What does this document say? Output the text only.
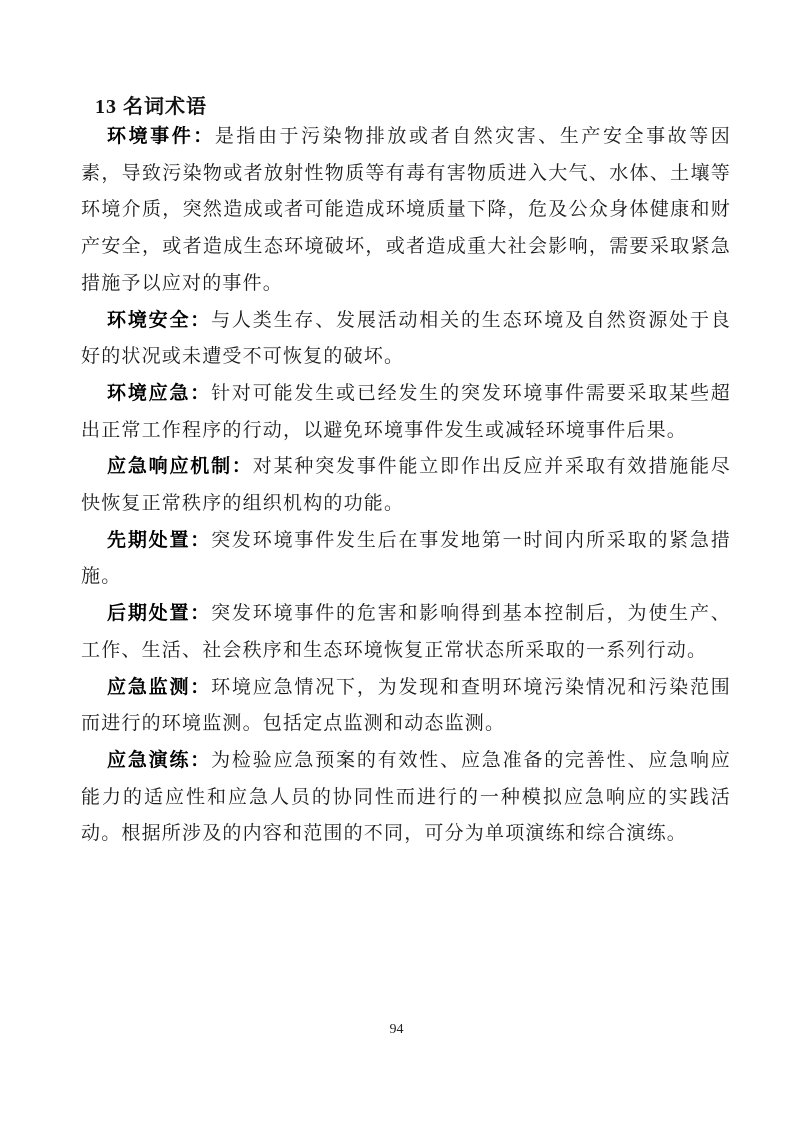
13 名词术语

环境事件：是指由于污染物排放或者自然灾害、生产安全事故等因素，导致污染物或者放射性物质等有毒有害物质进入大气、水体、土壤等环境介质，突然造成或者可能造成环境质量下降，危及公众身体健康和财产安全，或者造成生态环境破坏，或者造成重大社会影响，需要采取紧急措施予以应对的事件。

环境安全：与人类生存、发展活动相关的生态环境及自然资源处于良好的状况或未遭受不可恢复的破坏。

环境应急：针对可能发生或已经发生的突发环境事件需要采取某些超出正常工作程序的行动，以避免环境事件发生或减轻环境事件后果。

应急响应机制：对某种突发事件能立即作出反应并采取有效措施能尽快恢复正常秩序的组织机构的功能。

先期处置：突发环境事件发生后在事发地第一时间内所采取的紧急措施。

后期处置：突发环境事件的危害和影响得到基本控制后，为使生产、工作、生活、社会秩序和生态环境恢复正常状态所采取的一系列行动。

应急监测：环境应急情况下，为发现和查明环境污染情况和污染范围而进行的环境监测。包括定点监测和动态监测。

应急演练：为检验应急预案的有效性、应急准备的完善性、应急响应能力的适应性和应急人员的协同性而进行的一种模拟应急响应的实践活动。根据所涉及的内容和范围的不同，可分为单项演练和综合演练。

94
